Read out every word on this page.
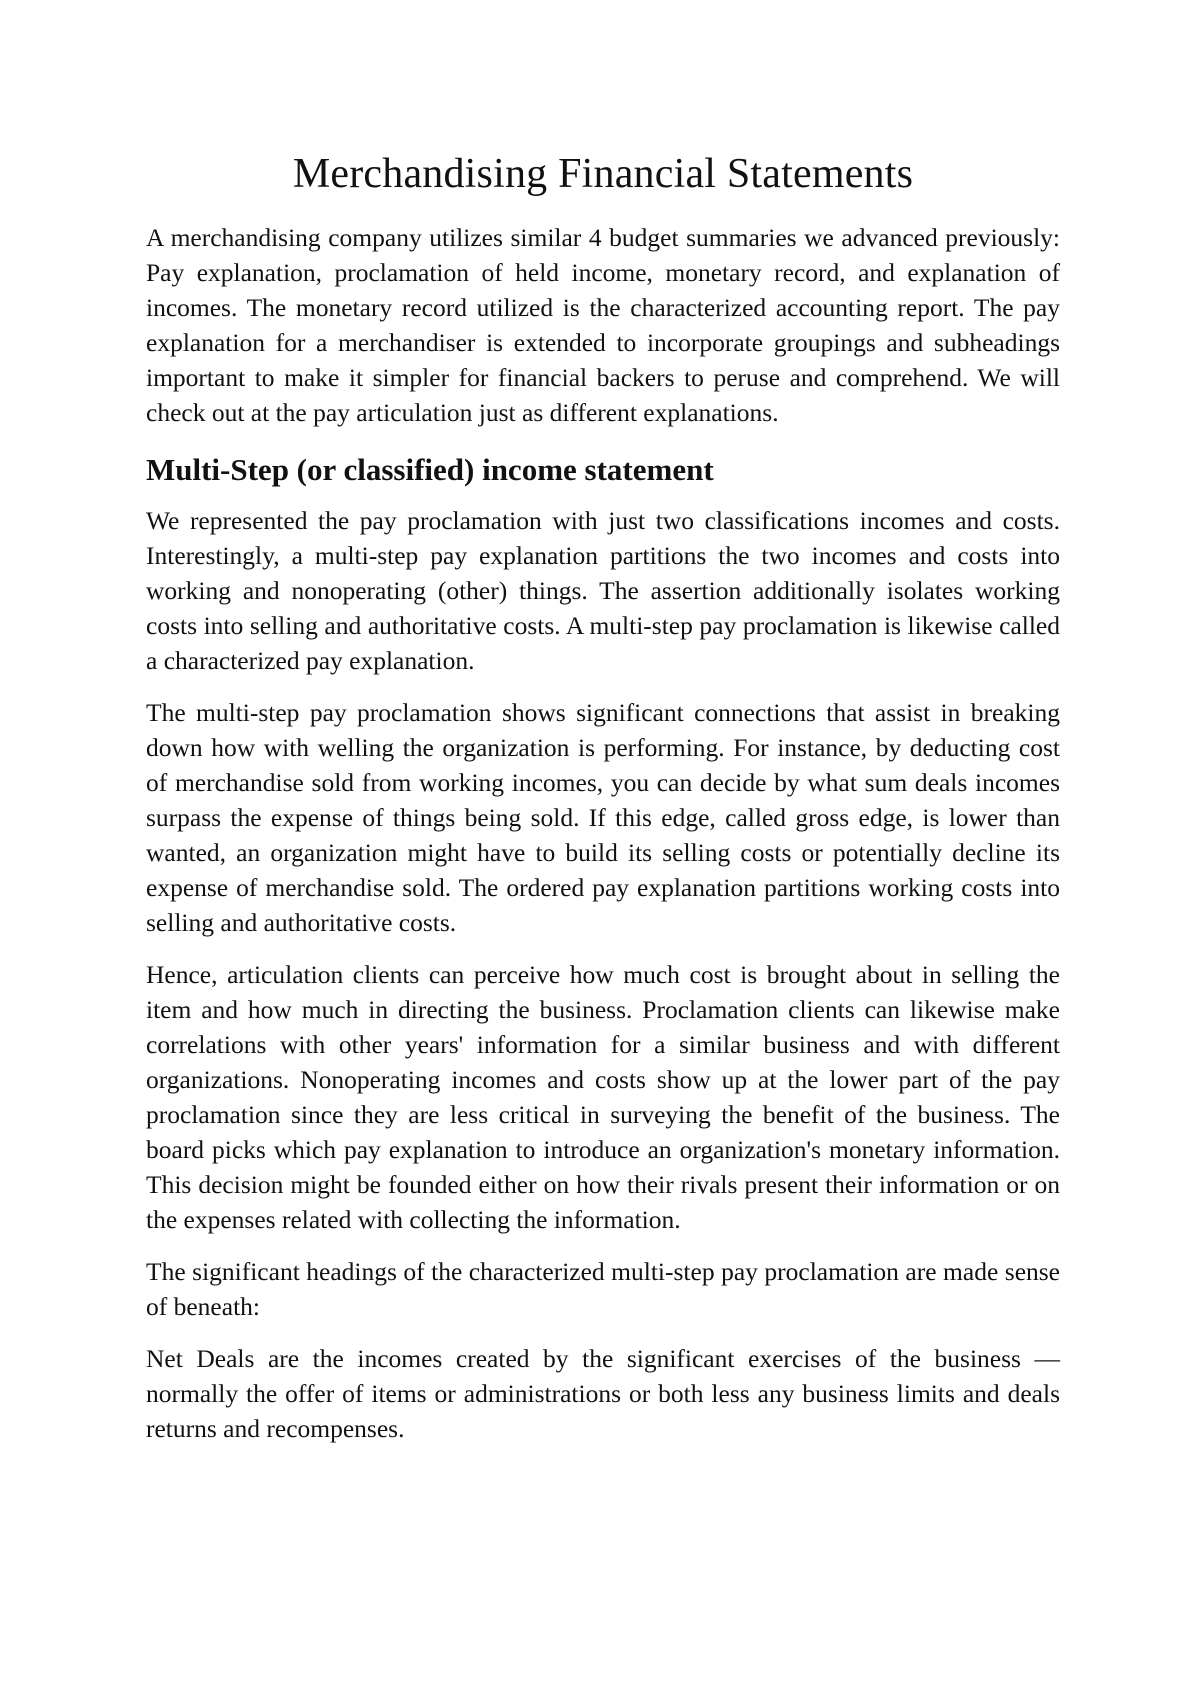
Merchandising Financial Statements

A merchandising company utilizes similar 4 budget summaries we advanced previously: Pay explanation, proclamation of held income, monetary record, and explanation of incomes. The monetary record utilized is the characterized accounting report. The pay explanation for a merchandiser is extended to incorporate groupings and subheadings important to make it simpler for financial backers to peruse and comprehend. We will check out at the pay articulation just as different explanations.

Multi-Step (or classified) income statement

We represented the pay proclamation with just two classifications incomes and costs. Interestingly, a multi-step pay explanation partitions the two incomes and costs into working and nonoperating (other) things. The assertion additionally isolates working costs into selling and authoritative costs. A multi-step pay proclamation is likewise called a characterized pay explanation.

The multi-step pay proclamation shows significant connections that assist in breaking down how with welling the organization is performing. For instance, by deducting cost of merchandise sold from working incomes, you can decide by what sum deals incomes surpass the expense of things being sold. If this edge, called gross edge, is lower than wanted, an organization might have to build its selling costs or potentially decline its expense of merchandise sold. The ordered pay explanation partitions working costs into selling and authoritative costs.

Hence, articulation clients can perceive how much cost is brought about in selling the item and how much in directing the business. Proclamation clients can likewise make correlations with other years' information for a similar business and with different organizations. Nonoperating incomes and costs show up at the lower part of the pay proclamation since they are less critical in surveying the benefit of the business. The board picks which pay explanation to introduce an organization's monetary information. This decision might be founded either on how their rivals present their information or on the expenses related with collecting the information.

The significant headings of the characterized multi-step pay proclamation are made sense of beneath:

Net Deals are the incomes created by the significant exercises of the business — normally the offer of items or administrations or both less any business limits and deals returns and recompenses.
